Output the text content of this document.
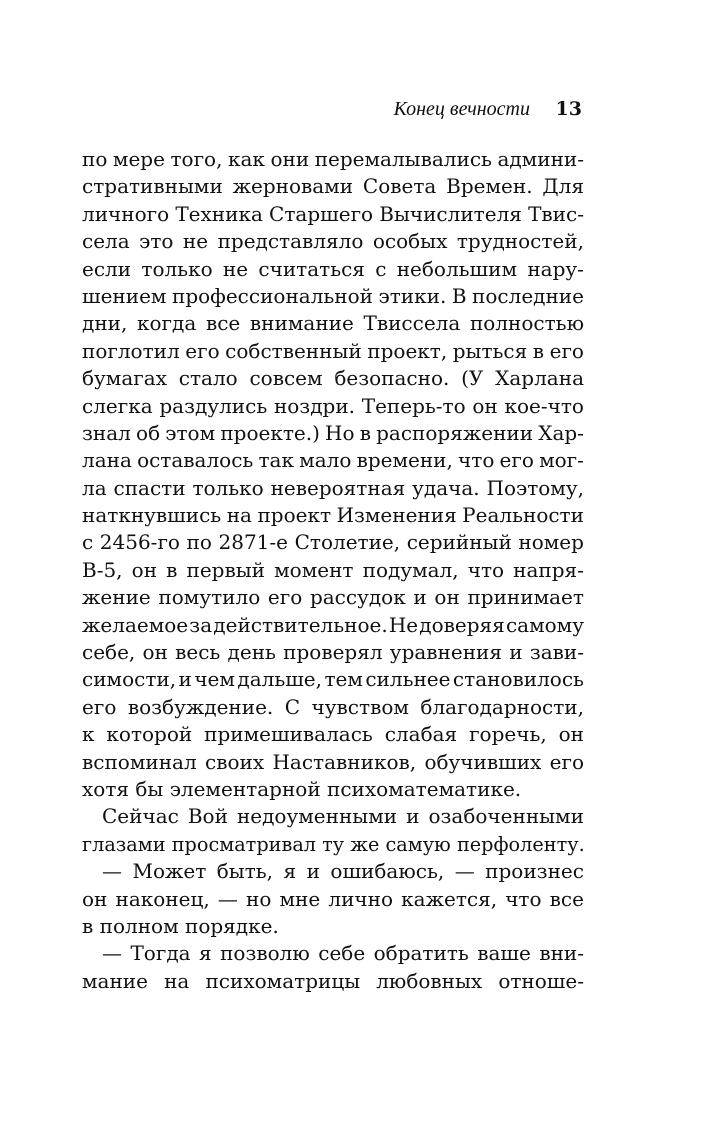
Конец вечности 13
по мере того, как они перемалывались админи-
стративными жерновами Совета Времен. Для
личного Техника Старшего Вычислителя Твис-
села это не представляло особых трудностей,
если только не считаться с небольшим нару-
шением профессиональной этики. В последние
дни, когда все внимание Твиссела полностью
поглотил его собственный проект, рыться в его
бумагах стало совсем безопасно. (У Харлана
слегка раздулись ноздри. Теперь-то он кое-что
знал об этом проекте.) Но в распоряжении Хар-
лана оставалось так мало времени, что его мог-
ла спасти только невероятная удача. Поэтому,
наткнувшись на проект Изменения Реальности
с 2456-го по 2871-е Столетие, серийный номер
В-5, он в первый момент подумал, что напря-
жение помутило его рассудок и он принимает
желаемое за действительное. Не доверяя самому
себе, он весь день проверял уравнения и зави-
симости, и чем дальше, тем сильнее становилось
его возбуждение. С чувством благодарности,
к которой примешивалась слабая горечь, он
вспоминал своих Наставников, обучивших его
хотя бы элементарной психоматематике.
Сейчас Вой недоуменными и озабоченными
глазами просматривал ту же самую перфоленту.
— Может быть, я и ошибаюсь, — произнес
он наконец, — но мне лично кажется, что все
в полном порядке.
— Тогда я позволю себе обратить ваше вни-
мание на психоматрицы любовных отноше-
